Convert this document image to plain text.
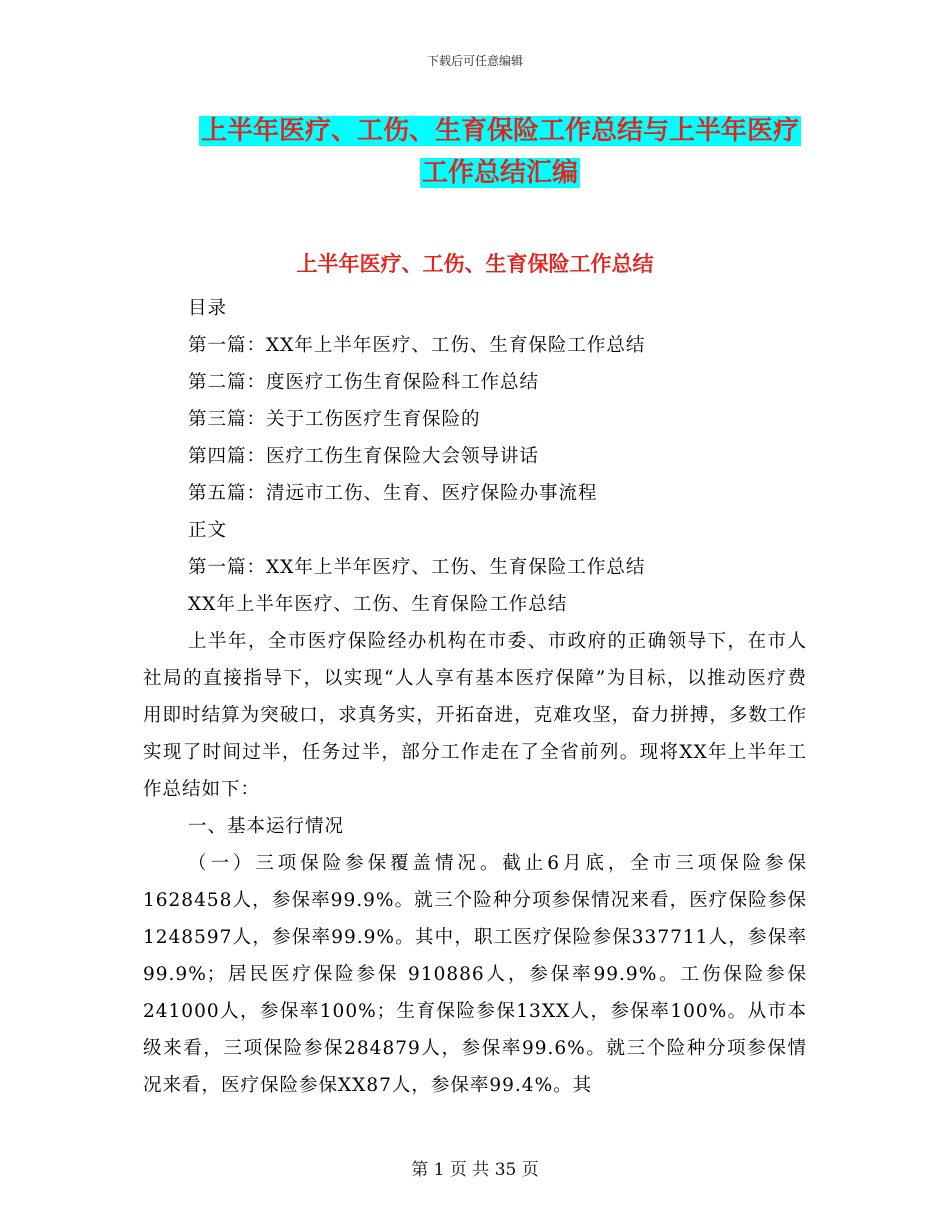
下载后可任意编辑
上半年医疗、工伤、生育保险工作总结与上半年医疗
工作总结汇编
上半年医疗、工伤、生育保险工作总结

目录

第一篇：XX年上半年医疗、工伤、生育保险工作总结

第二篇：度医疗工伤生育保险科工作总结

第三篇：关于工伤医疗生育保险的

第四篇：医疗工伤生育保险大会领导讲话

第五篇：清远市工伤、生育、医疗保险办事流程

正文

第一篇：XX年上半年医疗、工伤、生育保险工作总结

XX年上半年医疗、工伤、生育保险工作总结

上半年，全市医疗保险经办机构在市委、市政府的正确领导下，在市人社局的直接指导下，以实现“人人享有基本医疗保障”为目标，以推动医疗费用即时结算为突破口，求真务实，开拓奋进，克难攻坚，奋力拼搏，多数工作实现了时间过半，任务过半，部分工作走在了全省前列。现将XX年上半年工作总结如下：

一、基本运行情况

（一）三项保险参保覆盖情况。截止6月底，全市三项保险参保1628458人，参保率99.9%。就三个险种分项参保情况来看，医疗保险参保1248597人，参保率99.9%。其中，职工医疗保险参保337711人，参保率99.9%；居民医疗保险参保 910886人，参保率99.9%。工伤保险参保241000人，参保率100%；生育保险参保13XX人，参保率100%。从市本级来看，三项保险参保284879人，参保率99.6%。就三个险种分项参保情况来看，医疗保险参保XX87人，参保率99.4%。其

第 1 页 共 35 页
